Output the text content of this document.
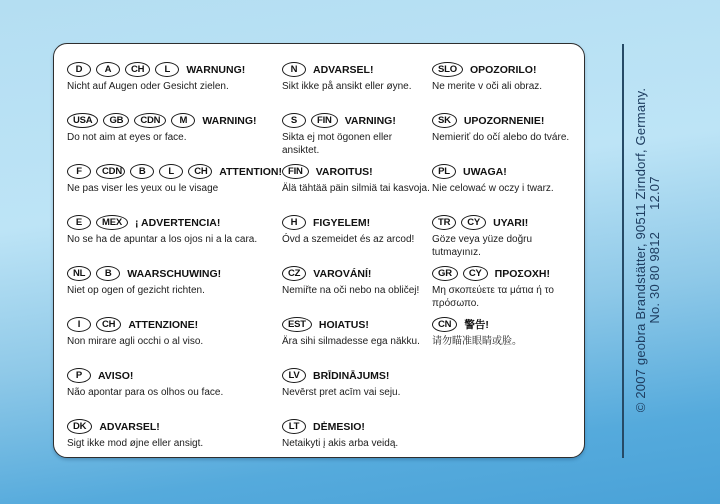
D	A	CH	L	WARNUNG!
Nicht auf Augen oder Gesicht zielen.
USA	GB	CDN	M	WARNING!
Do not aim at eyes or face.
F	CDN	B	L	CH	ATTENTION!
Ne pas viser les yeux ou le visage
E	MEX	¡ ADVERTENCIA!
No se ha de apuntar a los ojos ni a la cara.
NL	B	WAARSCHUWING!
Niet op ogen of gezicht richten.
I	CH	ATTENZIONE!
Non mirare agli occhi o al viso.
P	AVISO!
Não apontar para os olhos ou face.
DK	ADVARSEL!
Sigt ikke mod øjne eller ansigt.
N	ADVARSEL!
Sikt ikke på ansikt eller øyne.
S	FIN	VARNING!
Sikta ej mot ögonen eller ansiktet.
FIN	VAROITUS!
Älä tähtää päin silmiä tai kasvoja.
H	FIGYELEM!
Óvd a szemeidet és az arcod!
CZ	VAROVÁNÍ!
Nemiřte na oči nebo na obličej!
EST	HOIATUS!
Ära sihi silmadesse ega näkku.
LV	BRĪDINĀJUMS!
Nevērst pret acīm vai seju.
LT	DĖMESIO!
Netaikyti į akis arba veidą.
SLO	OPOZORILO!
Ne merite v oči ali obraz.
SK	UPOZORNENIE!
Nemieriť do očí alebo do tváre.
PL	UWAGA!
Nie celować w oczy i twarz.
TR	CY	UYARI!
Göze veya yüze doğru tutmayınız.
GR	CY	ΠΡΟΣΟΧΗ!
Μη σκοπεύετε τα μάτια ή το πρόσωπο.
CN	警告!
请勿瞄准眼睛或脸。	© 2007 geobra Brandstätter, 90511 Zirndorf, Germany. No. 30 80 981212.07
